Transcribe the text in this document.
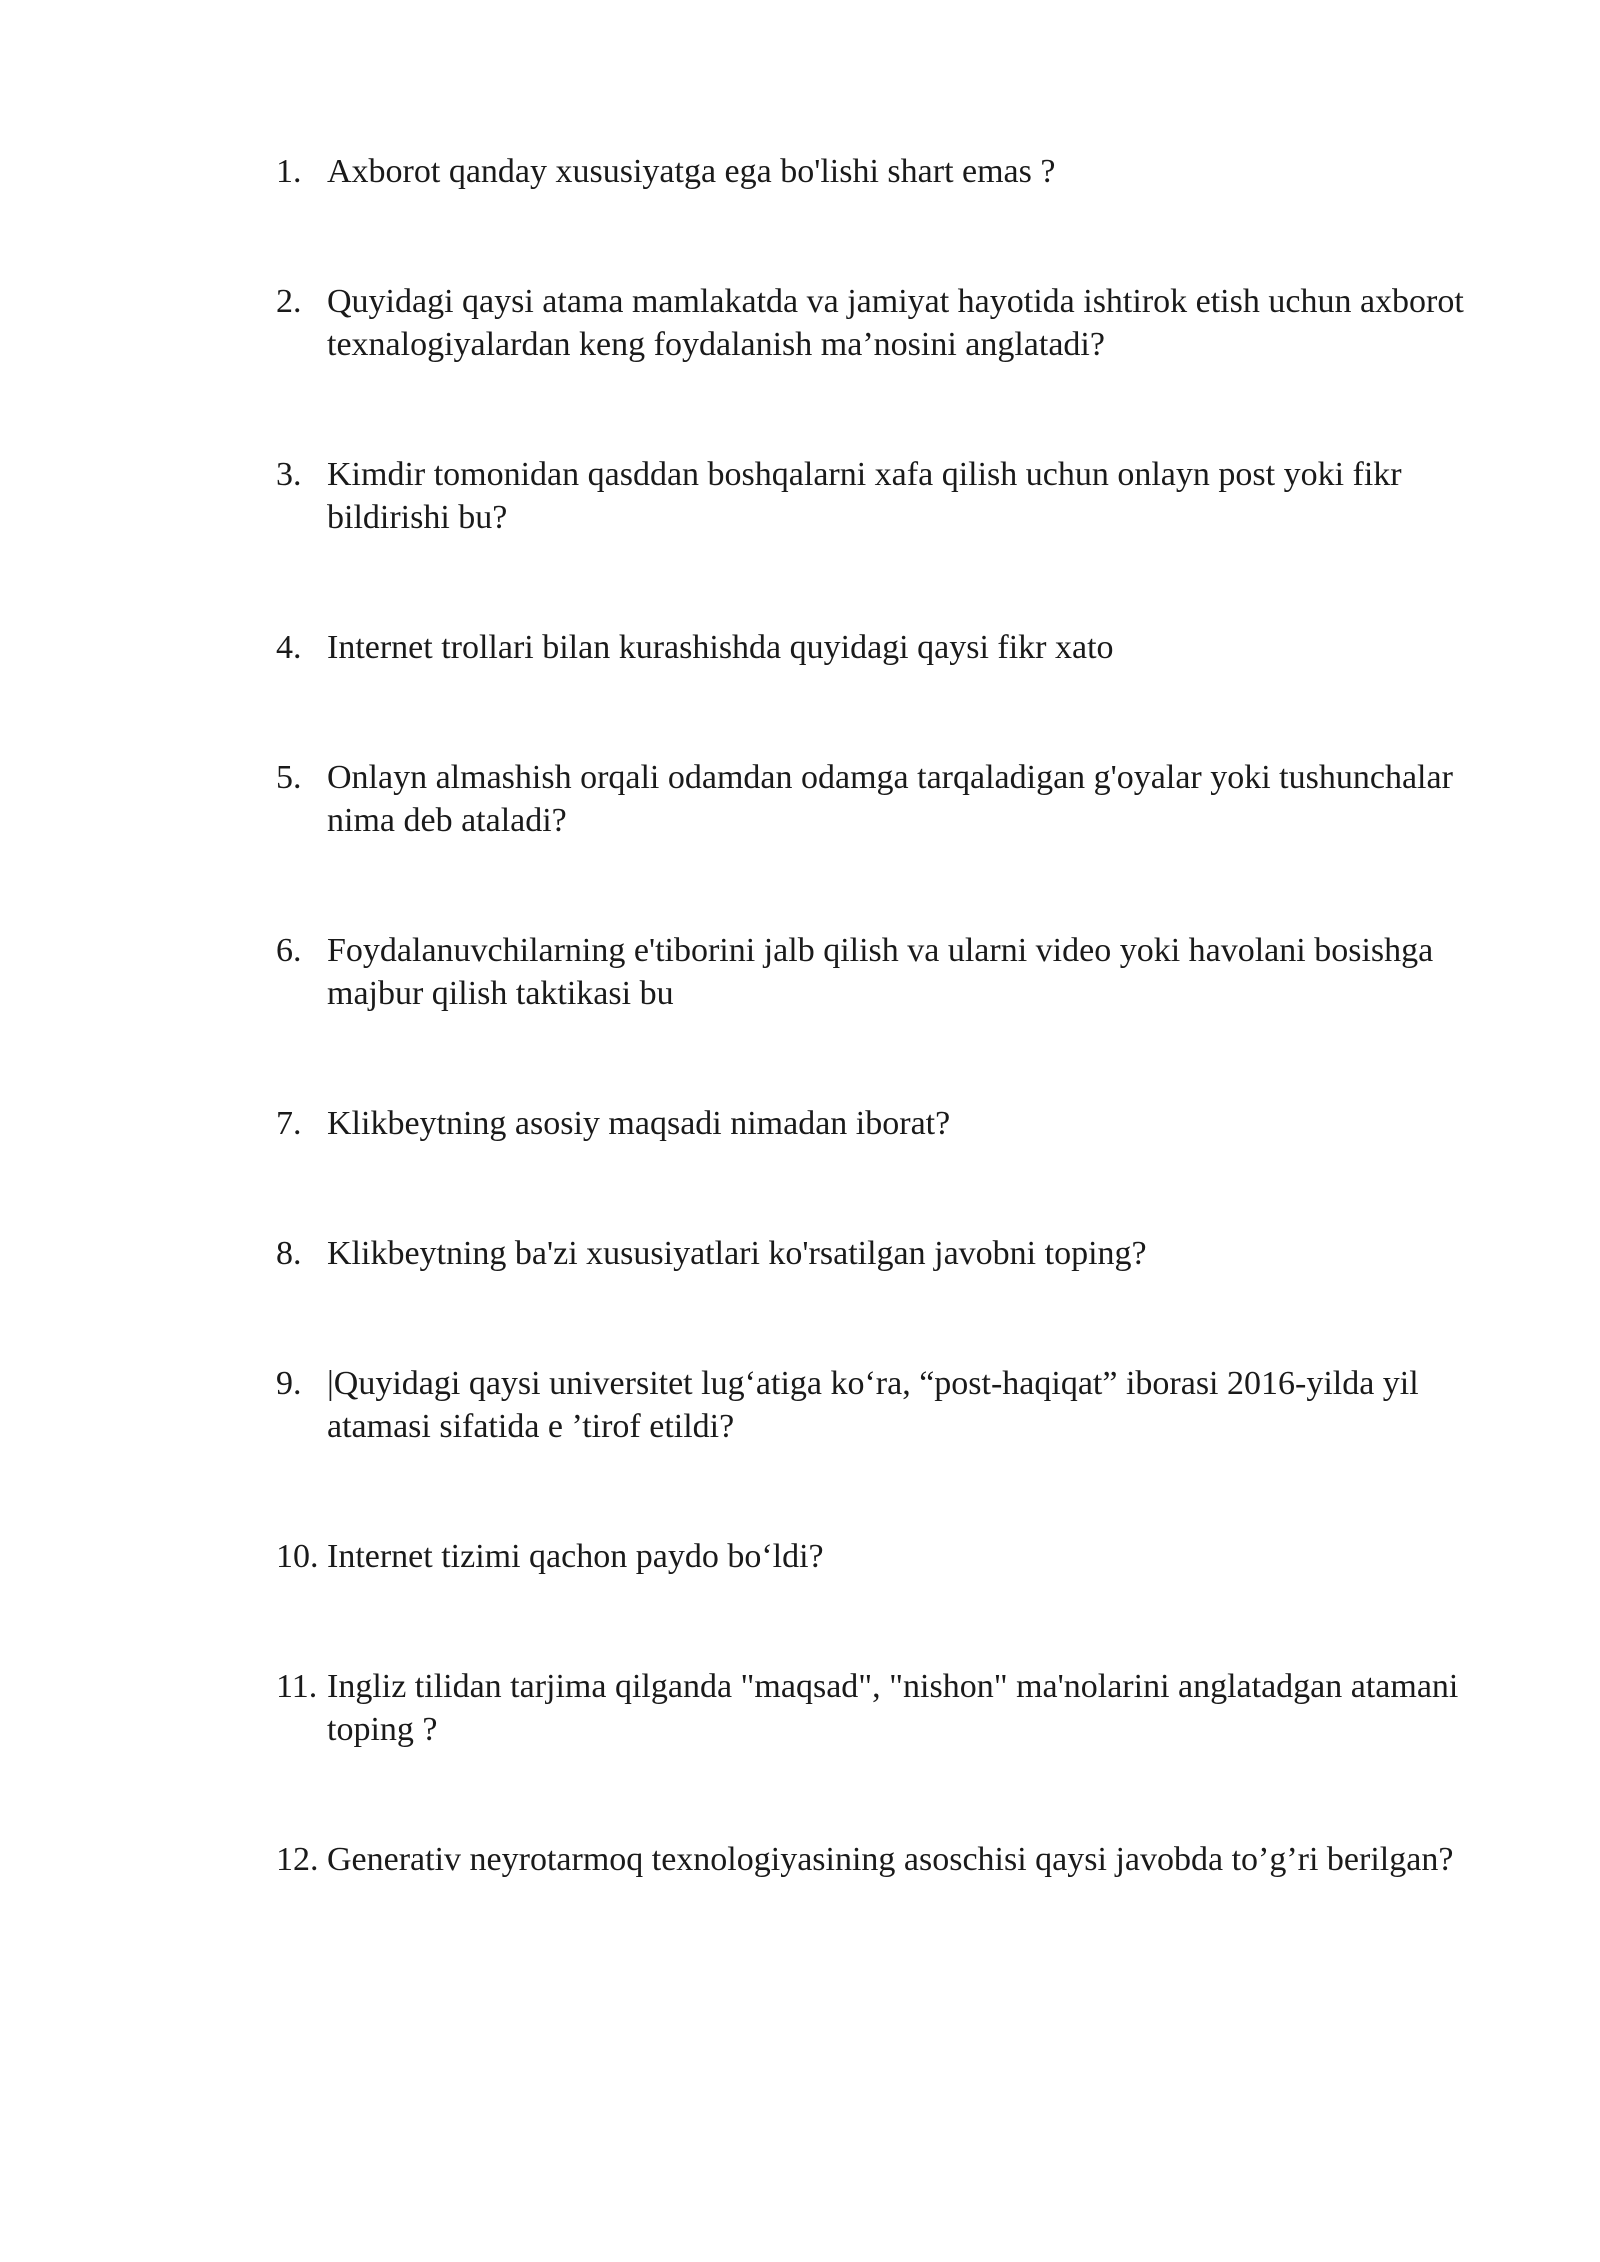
1. Axborot qanday xususiyatga ega bo'lishi shart emas ?
2. Quyidagi qaysi atama mamlakatda va jamiyat hayotida ishtirok etish uchun axborot texnalogiyalardan keng foydalanish ma’nosini anglatadi?
3. Kimdir tomonidan qasddan boshqalarni xafa qilish uchun onlayn post yoki fikr bildirishi bu?
4. Internet trollari bilan kurashishda quyidagi qaysi fikr xato
5. Onlayn almashish orqali odamdan odamga tarqaladigan g'oyalar yoki tushunchalar nima deb ataladi?
6. Foydalanuvchilarning e'tiborini jalb qilish va ularni video yoki havolani bosishga majbur qilish taktikasi bu
7. Klikbeytning asosiy maqsadi nimadan iborat?
8. Klikbeytning ba'zi xususiyatlari ko'rsatilgan javobni toping?
9. |Quyidagi qaysi universitet lug‘atiga ko‘ra, “post-haqiqat” iborasi 2016-yilda yil atamasi sifatida e ’tirof etildi?
10. Internet tizimi qachon paydo bo‘ldi?
11. Ingliz tilidan tarjima qilganda "maqsad", "nishon" ma'nolarini anglatadgan atamani toping ?
12. Generativ neyrotarmoq texnologiyasining asoschisi qaysi javobda to’g’ri berilgan?
